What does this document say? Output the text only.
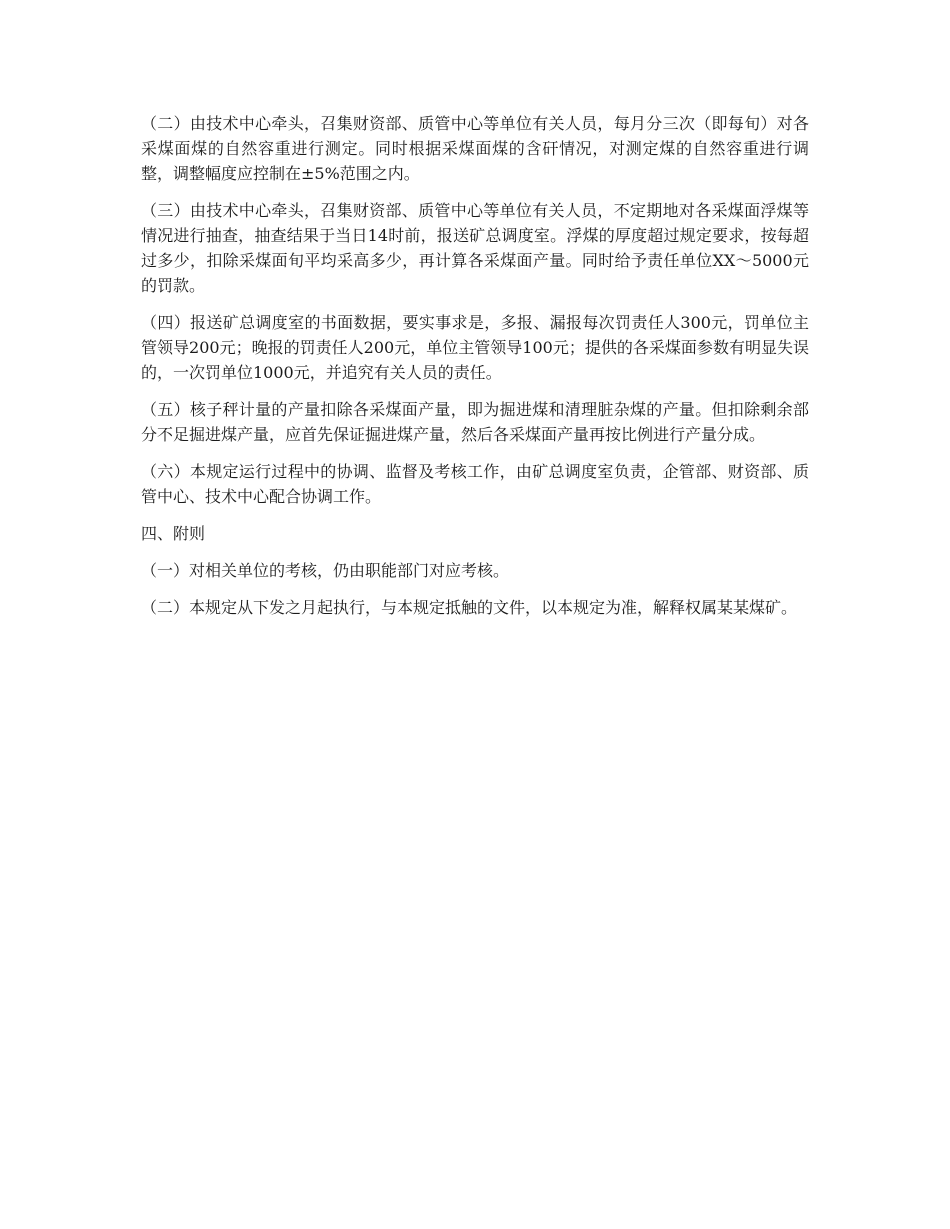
（二）由技术中心牵头，召集财资部、质管中心等单位有关人员，每月分三次（即每旬）对各采煤面煤的自然容重进行测定。同时根据采煤面煤的含矸情况，对测定煤的自然容重进行调整，调整幅度应控制在±5%范围之内。

（三）由技术中心牵头，召集财资部、质管中心等单位有关人员，不定期地对各采煤面浮煤等情况进行抽查，抽查结果于当日14时前，报送矿总调度室。浮煤的厚度超过规定要求，按每超过多少，扣除采煤面旬平均采高多少，再计算各采煤面产量。同时给予责任单位XX～5000元的罚款。

（四）报送矿总调度室的书面数据，要实事求是，多报、漏报每次罚责任人300元，罚单位主管领导200元；晚报的罚责任人200元，单位主管领导100元；提供的各采煤面参数有明显失误的，一次罚单位1000元，并追究有关人员的责任。

（五）核子秤计量的产量扣除各采煤面产量，即为掘进煤和清理脏杂煤的产量。但扣除剩余部分不足掘进煤产量，应首先保证掘进煤产量，然后各采煤面产量再按比例进行产量分成。

（六）本规定运行过程中的协调、监督及考核工作，由矿总调度室负责，企管部、财资部、质管中心、技术中心配合协调工作。

四、附则

（一）对相关单位的考核，仍由职能部门对应考核。

（二）本规定从下发之月起执行，与本规定抵触的文件，以本规定为准，解释权属某某煤矿。
